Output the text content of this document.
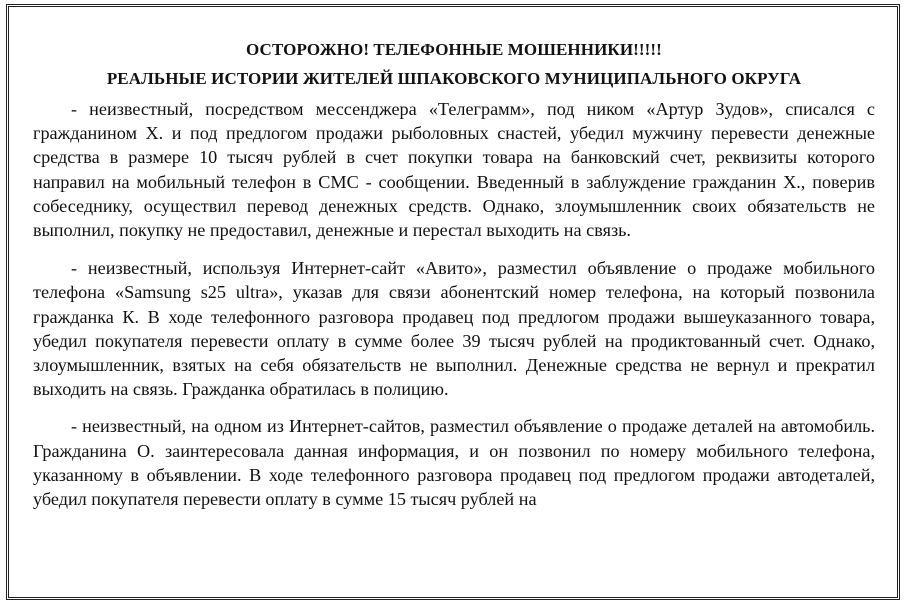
ОСТОРОЖНО! ТЕЛЕФОННЫЕ МОШЕННИКИ!!!!!

РЕАЛЬНЫЕ ИСТОРИИ ЖИТЕЛЕЙ ШПАКОВСКОГО МУНИЦИПАЛЬНОГО ОКРУГА

- неизвестный, посредством мессенджера «Телеграмм», под ником «Артур Зудов», списался с гражданином Х. и под предлогом продажи рыболовных снастей, убедил мужчину перевести денежные средства в размере 10 тысяч рублей в счет покупки товара на банковский счет, реквизиты которого направил на мобильный телефон в СМС - сообщении. Введенный в заблуждение гражданин Х., поверив собеседнику, осуществил перевод денежных средств. Однако, злоумышленник своих обязательств не выполнил, покупку не предоставил, денежные и перестал выходить на связь.

- неизвестный, используя Интернет-сайт «Авито», разместил объявление о продаже мобильного телефона «Samsung s25 ultra», указав для связи абонентский номер телефона, на который позвонила гражданка К. В ходе телефонного разговора продавец под предлогом продажи вышеуказанного товара, убедил покупателя перевести оплату в сумме более 39 тысяч рублей на продиктованный счет. Однако, злоумышленник, взятых на себя обязательств не выполнил. Денежные средства не вернул и прекратил выходить на связь. Гражданка обратилась в полицию.

- неизвестный, на одном из Интернет-сайтов, разместил объявление о продаже деталей на автомобиль. Гражданина О. заинтересовала данная информация, и он позвонил по номеру мобильного телефона, указанному в объявлении. В ходе телефонного разговора продавец под предлогом продажи автодеталей, убедил покупателя перевести оплату в сумме 15 тысяч рублей на
